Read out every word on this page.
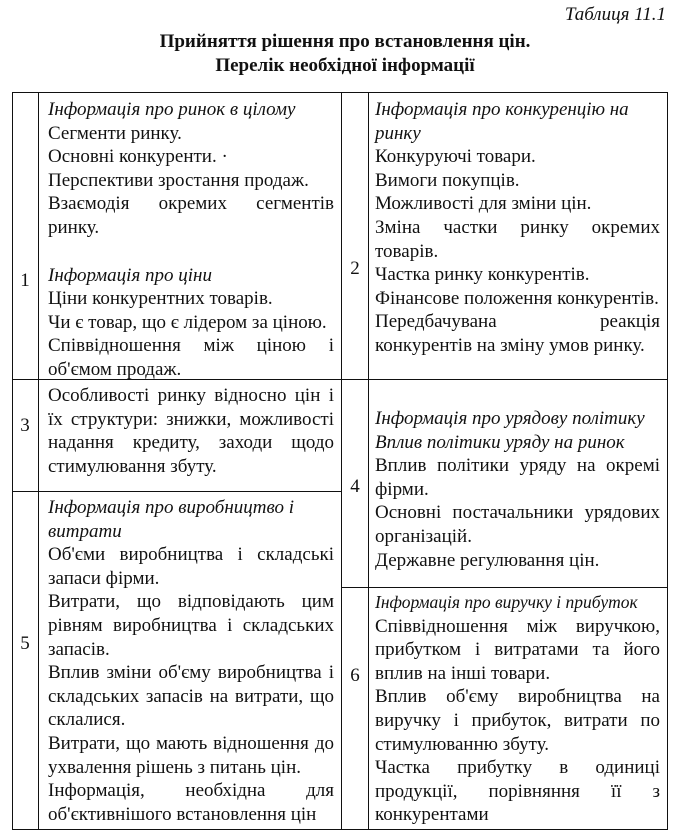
Таблиця 11.1
Прийняття рішення про встановлення цін.
Перелік необхідної інформації
1
Інформація про ринок в цілому
Сегменти ринку.
Основні конкуренти. ·
Перспективи зростання продаж.
Взаємодія окремих сегментів ринку.
Інформація про ціни
Ціни конкурентних товарів.
Чи є товар, що є лідером за ціною.
Співвідношення між ціною і об'ємом продаж.
2
Інформація про конкуренцію на ринку
Конкуруючі товари.
Вимоги покупців.
Можливості для зміни цін.
Зміна частки ринку окремих товарів.
Частка ринку конкурентів.
Фінансове положення конкурентів.
Передбачувана реакція конкурентів на зміну умов ринку.
3
Особливості ринку відносно цін і їх структури: знижки, можливості надання кредиту, заходи щодо стимулювання збуту.
4
Інформація про урядову політику
Вплив політики уряду на ринок
Вплив політики уряду на окремі фірми.
Основні постачальники урядових організацій.
Державне регулювання цін.
5
Інформація про виробництво і витрати
Об'єми виробництва і складські запаси фірми.
Витрати, що відповідають цим рівням виробництва і складських запасів.
Вплив зміни об'єму виробництва і складських запасів на витрати, що склалися.
Витрати, що мають відношення до ухвалення рішень з питань цін.
Інформація, необхідна для об'єктивнішого встановлення цін
6
Інформація про виручку і прибуток
Співвідношення між виручкою, прибутком і витратами та його вплив на інші товари.
Вплив об'єму виробництва на виручку і прибуток, витрати по стимулюванню збуту.
Частка прибутку в одиниці продукції, порівняння її з конкурентами
